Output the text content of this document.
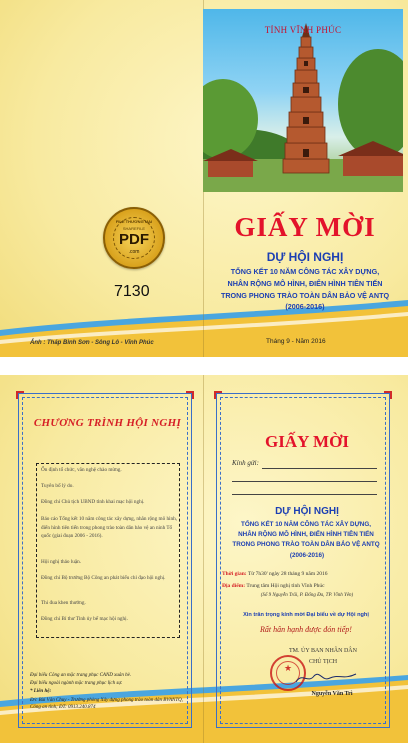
TỈNH VĨNH PHÚC
FILE THƯƠNG MẠI
SHAREFILE
PDF
.com
7130
GIẤY MỜI
DỰ HỘI NGHỊ
TỔNG KẾT 10 NĂM CÔNG TÁC XÂY DỰNG,
NHÂN RỘNG MÔ HÌNH, ĐIỂN HÌNH TIÊN TIẾN
TRONG PHONG TRÀO TOÀN DÂN BẢO VỆ ANTQ
(2006-2016)
Ảnh : Tháp Bình Sơn - Sông Lô - Vĩnh Phúc	Tháng 9 - Năm 2016
CHƯƠNG TRÌNH HỘI NGHỊ
Ổn định tổ chức, văn nghệ chào mừng.
Tuyên bố lý do.
Đồng chí Chủ tịch UBND tỉnh khai mạc hội nghị.
Báo cáo Tổng kết 10 năm công tác xây dựng, nhân rộng mô hình, điển hình tiên tiến trong phong trào toàn dân bảo vệ an ninh Tổ quốc (giai đoạn 2006 - 2016).
Hội nghị thảo luận.
Đồng chí Bộ trưởng Bộ Công an phát biểu chỉ đạo hội nghị.
Thi đua khen thưởng.
Đồng chí Bí thư Tỉnh ủy bế mạc hội nghị.
Đại biểu Công an mặc trang phục CAND xuân hè.
Đại biểu ngoài ngành mặc trang phục lịch sự.
* Liên hệ:
Đ/c Bùi Văn Chuy - Trưởng phòng Xây dựng phong trào toàn dân BVANTQ, Công an tỉnh; ĐT: 0913.240.874
GIẤY MỜI
Kính gửi:
DỰ HỘI NGHỊ
TỔNG KẾT 10 NĂM CÔNG TÁC XÂY DỰNG,
NHÂN RỘNG MÔ HÌNH, ĐIỂN HÌNH TIÊN TIẾN
TRONG PHONG TRÀO TOÀN DÂN BẢO VỆ ANTQ
(2006-2016)
Thời gian: Từ 7h30' ngày 28 tháng 9 năm 2016
Địa điểm: Trung tâm Hội nghị tỉnh Vĩnh Phúc
(Số 9 Nguyễn Trãi, P. Đống Đa, TP. Vĩnh Yên)
Xin trân trọng kính mời Đại biểu về dự Hội nghị
Rất hân hạnh được đón tiếp!
★
TM. ỦY BAN NHÂN DÂN
CHỦ TỊCH
Nguyễn Văn Trì
